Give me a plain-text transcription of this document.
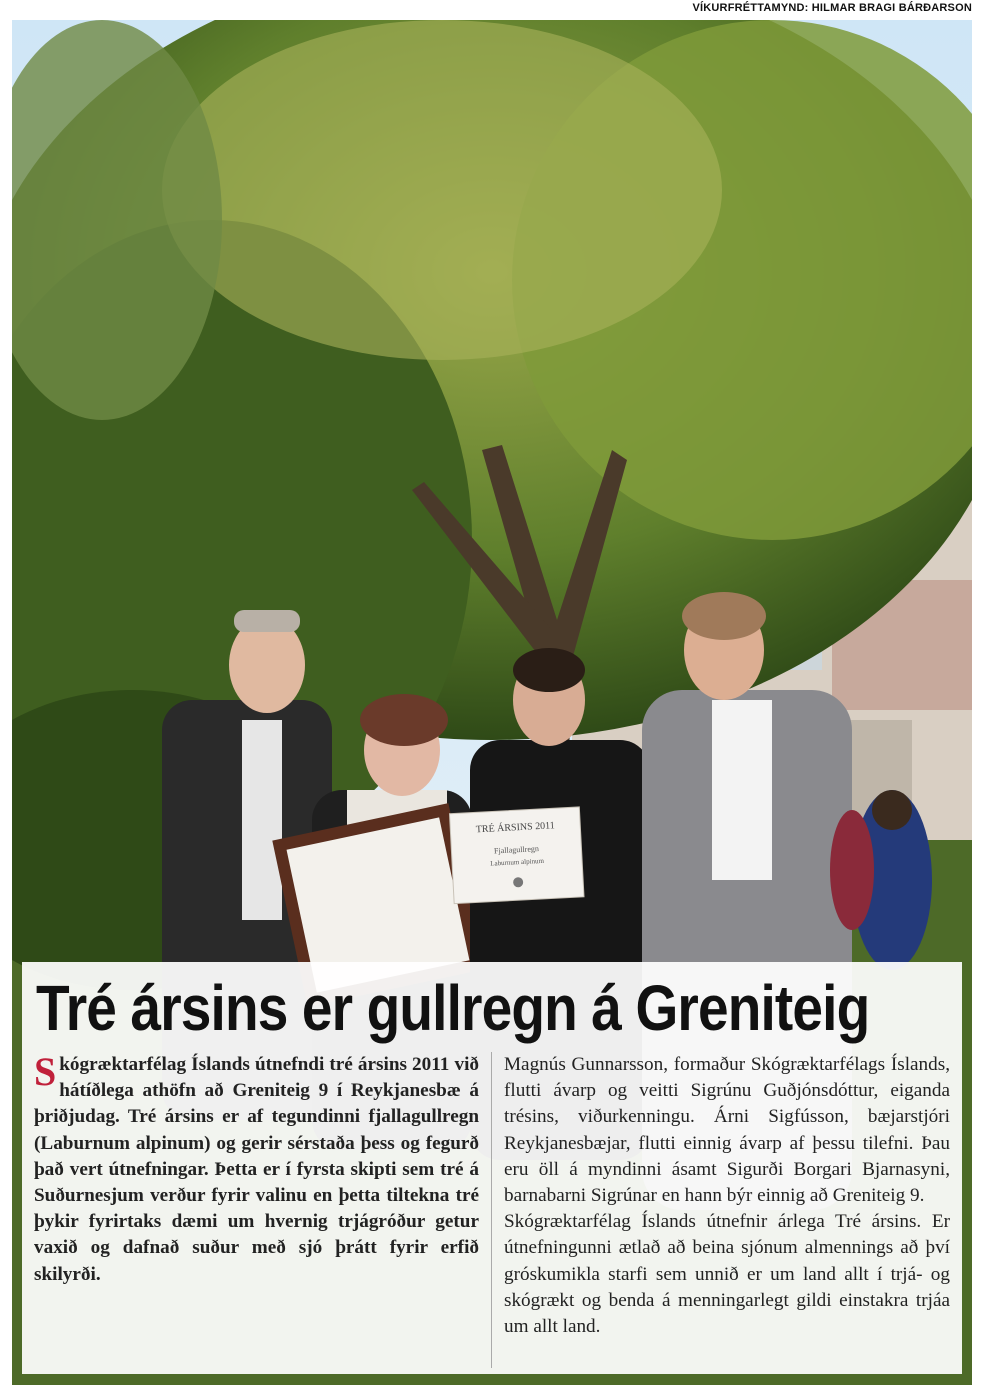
VÍKURFRÉTTAMYND: HILMAR BRAGI BÁRÐARSON
TRÉ ÁRSINS 2011
Fjallagullregn
Laburnum alpinum
Tré ársins er gullregn á Greniteig

Skógræktarfélag Íslands útnefndi tré ársins 2011 við hátíðlega athöfn að Greniteig 9 í Reykjanesbæ á þriðjudag. Tré ársins er af tegundinni fjallagullregn (Laburnum alpinum) og gerir sérstaða þess og fegurð það vert útnefningar. Þetta er í fyrsta skipti sem tré á Suðurnesjum verður fyrir valinu en þetta tiltekna tré þykir fyrirtaks dæmi um hvernig trjágróður getur vaxið og dafnað suður með sjó þrátt fyrir erfið skilyrði.

Magnús Gunnarsson, formaður Skógræktarfélags Íslands, flutti ávarp og veitti Sigrúnu Guðjónsdóttur, eiganda trésins, viðurkenningu. Árni Sigfússon, bæjarstjóri Reykjanesbæjar, flutti einnig ávarp af þessu tilefni. Þau eru öll á myndinni ásamt Sigurði Borgari Bjarnasyni, barnabarni Sigrúnar en hann býr einnig að Greniteig 9.

Skógræktarfélag Íslands útnefnir árlega Tré ársins. Er útnefningunni ætlað að beina sjónum almennings að því gróskumikla starfi sem unnið er um land allt í trjá- og skógrækt og benda á menningarlegt gildi einstakra trjáa um allt land.
